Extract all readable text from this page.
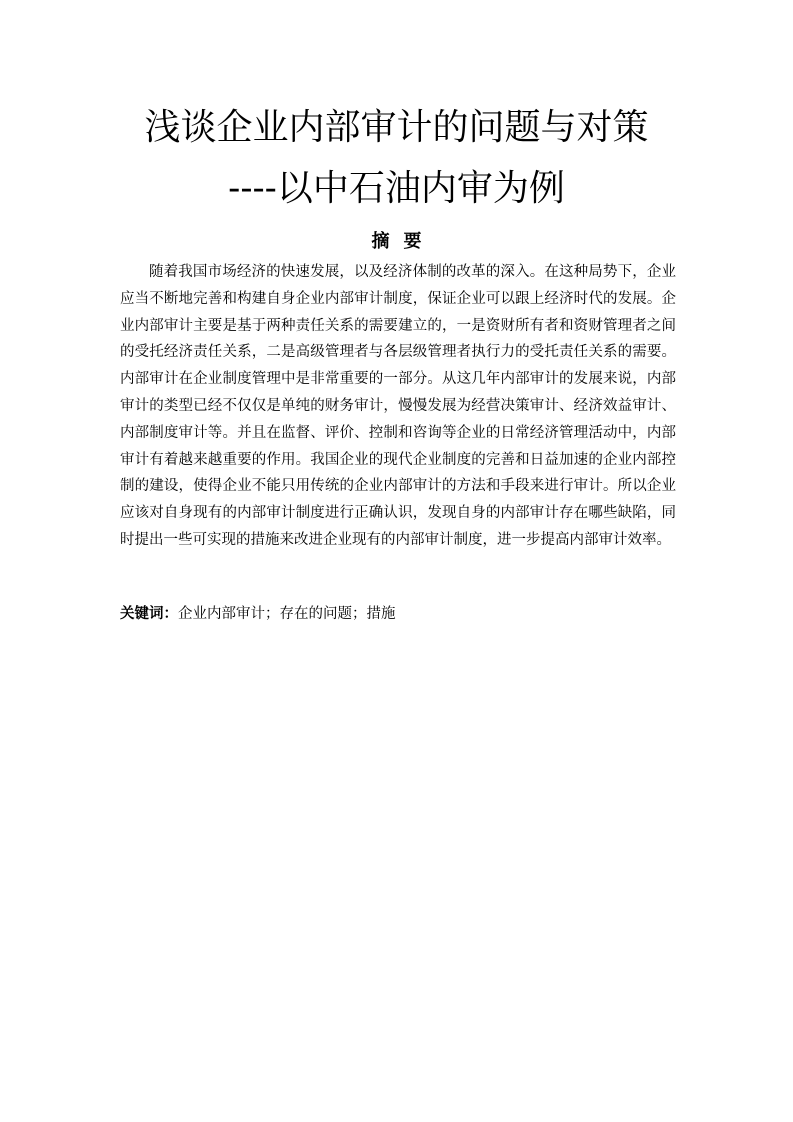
浅谈企业内部审计的问题与对策
----以中石油内审为例
摘要

随着我国市场经济的快速发展，以及经济体制的改革的深入。在这种局势下，企业应当不断地完善和构建自身企业内部审计制度，保证企业可以跟上经济时代的发展。企业内部审计主要是基于两种责任关系的需要建立的，一是资财所有者和资财管理者之间的受托经济责任关系，二是高级管理者与各层级管理者执行力的受托责任关系的需要。内部审计在企业制度管理中是非常重要的一部分。从这几年内部审计的发展来说，内部审计的类型已经不仅仅是单纯的财务审计，慢慢发展为经营决策审计、经济效益审计、内部制度审计等。并且在监督、评价、控制和咨询等企业的日常经济管理活动中，内部审计有着越来越重要的作用。我国企业的现代企业制度的完善和日益加速的企业内部控制的建设，使得企业不能只用传统的企业内部审计的方法和手段来进行审计。所以企业应该对自身现有的内部审计制度进行正确认识，发现自身的内部审计存在哪些缺陷，同时提出一些可实现的措施来改进企业现有的内部审计制度，进一步提高内部审计效率。

关键词：企业内部审计；存在的问题；措施
